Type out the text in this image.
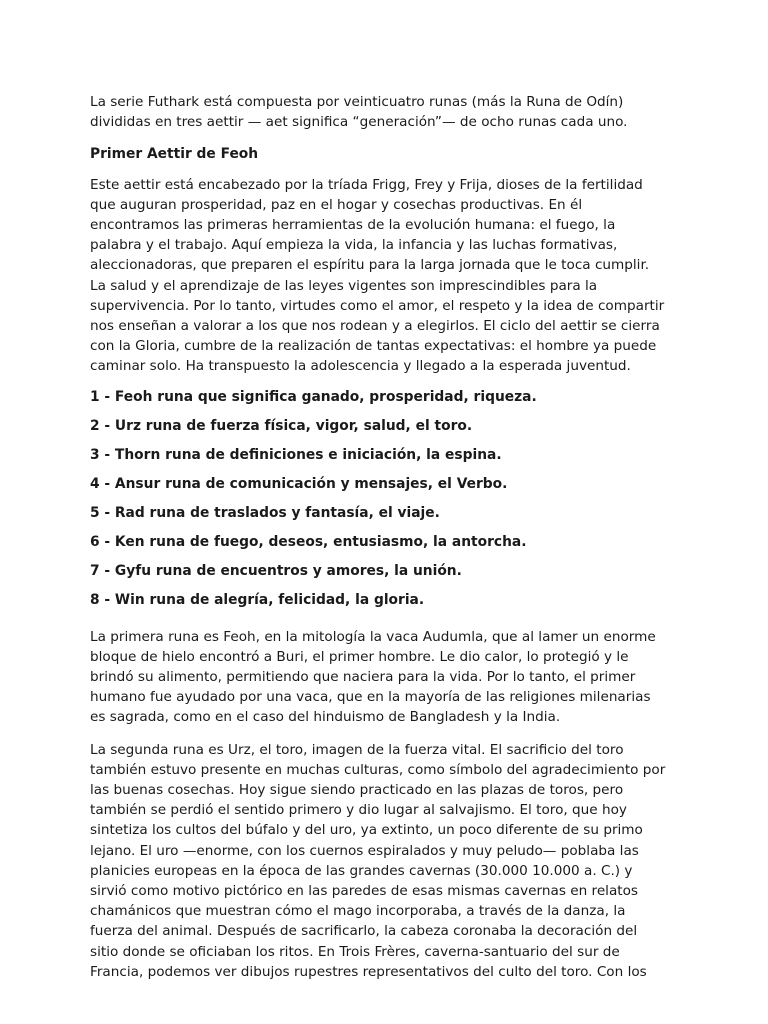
La serie Futhark está compuesta por veinticuatro runas (más la Runa de Odín)
divididas en tres aettir — aet significa “generación”— de ocho runas cada uno.

Primer Aettir de Feoh

Este aettir está encabezado por la tríada Frigg, Frey y Frija, dioses de la fertilidad
que auguran prosperidad, paz en el hogar y cosechas productivas. En él
encontramos las primeras herramientas de la evolución humana: el fuego, la
palabra y el trabajo. Aquí empieza la vida, la infancia y las luchas formativas,
aleccionadoras, que preparen el espíritu para la larga jornada que le toca cumplir.
La salud y el aprendizaje de las leyes vigentes son imprescindibles para la
supervivencia. Por lo tanto, virtudes como el amor, el respeto y la idea de compartir
nos enseñan a valorar a los que nos rodean y a elegirlos. El ciclo del aettir se cierra
con la Gloria, cumbre de la realización de tantas expectativas: el hombre ya puede
caminar solo. Ha transpuesto la adolescencia y llegado a la esperada juventud.

1 - Feoh runa que significa ganado, prosperidad, riqueza.
2 - Urz runa de fuerza física, vigor, salud, el toro.
3 - Thorn runa de definiciones e iniciación, la espina.
4 - Ansur runa de comunicación y mensajes, el Verbo.
5 - Rad runa de traslados y fantasía, el viaje.
6 - Ken runa de fuego, deseos, entusiasmo, la antorcha.
7 - Gyfu runa de encuentros y amores, la unión.
8 - Win runa de alegría, felicidad, la gloria.

La primera runa es Feoh, en la mitología la vaca Audumla, que al lamer un enorme
bloque de hielo encontró a Buri, el primer hombre. Le dio calor, lo protegió y le
brindó su alimento, permitiendo que naciera para la vida. Por lo tanto, el primer
humano fue ayudado por una vaca, que en la mayoría de las religiones milenarias
es sagrada, como en el caso del hinduismo de Bangladesh y la India.

La segunda runa es Urz, el toro, imagen de la fuerza vital. El sacrificio del toro
también estuvo presente en muchas culturas, como símbolo del agradecimiento por
las buenas cosechas. Hoy sigue siendo practicado en las plazas de toros, pero
también se perdió el sentido primero y dio lugar al salvajismo. El toro, que hoy
sintetiza los cultos del búfalo y del uro, ya extinto, un poco diferente de su primo
lejano. El uro —enorme, con los cuernos espiralados y muy peludo— poblaba las
planicies europeas en la época de las grandes cavernas (30.000 10.000 a. C.) y
sirvió como motivo pictórico en las paredes de esas mismas cavernas en relatos
chamánicos que muestran cómo el mago incorporaba, a través de la danza, la
fuerza del animal. Después de sacrificarlo, la cabeza coronaba la decoración del
sitio donde se oficiaban los ritos. En Trois Frères, caverna-santuario del sur de
Francia, podemos ver dibujos rupestres representativos del culto del toro. Con los
